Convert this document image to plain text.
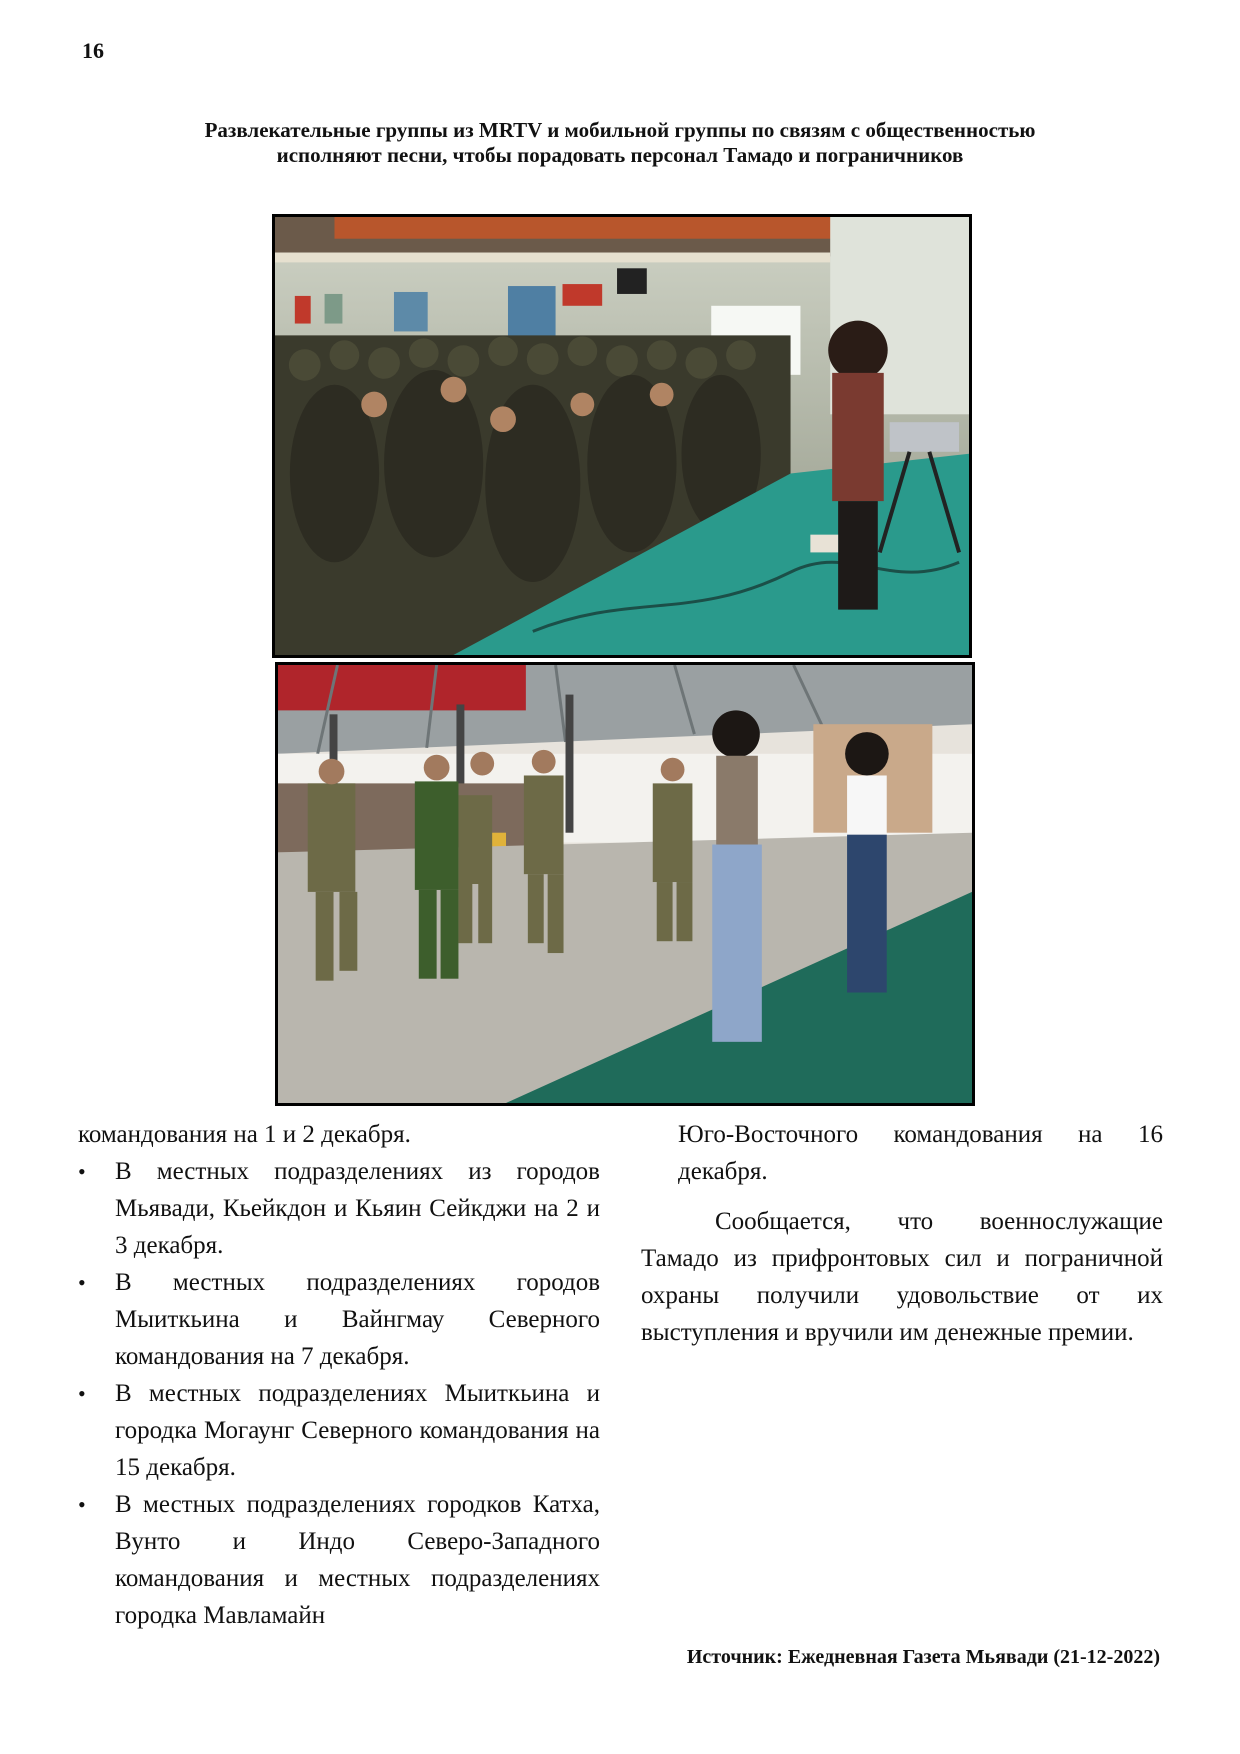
16
Развлекательные группы из MRTV и мобильной группы по связям с общественностью
исполняют песни, чтобы порадовать персонал Тамадо и пограничников

командования на 1 и 2 декабря.

• В местных подразделениях из городов Мьявади, Кьейкдон и Кьяин Сейкджи на 2 и 3 декабря.
• В местных подразделениях городов Мыиткьина и Вайнгмау Северного командования на 7 декабря.
• В местных подразделениях Мыиткьина и городка Могаунг Северного командования на 15 декабря.
• В местных подразделениях городков Катха, Вунто и Индо Северо-Западного командования и местных подразделениях городка Мавламайн

Юго-Восточного командования на 16 декабря.

Сообщается, что военнослужащие Тамадо из прифронтовых сил и пограничной охраны получили удовольствие от их выступления и вручили им денежные премии.

Источник: Ежедневная Газета Мьявади (21-12-2022)
